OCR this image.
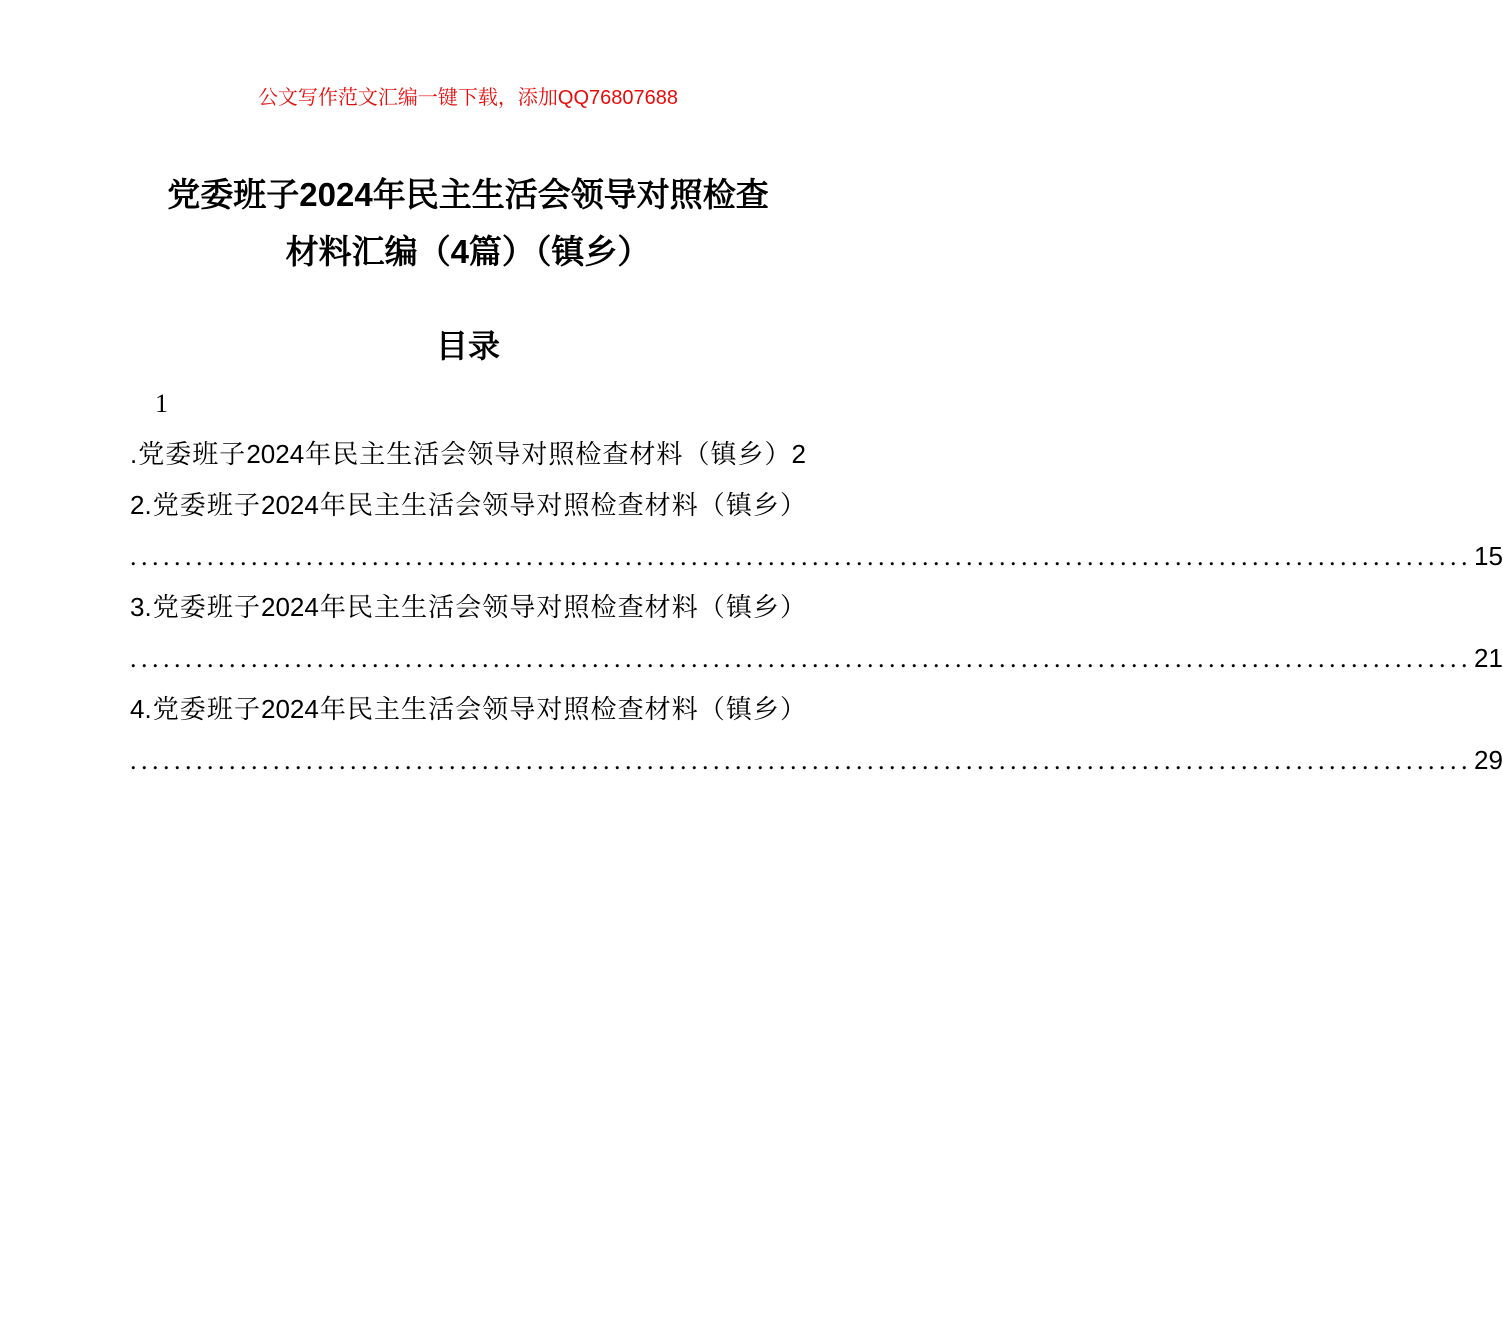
公文写作范文汇编一键下载，添加QQ76807688
党委班子2024年民主生活会领导对照检查
材料汇编（4篇）（镇乡）
目录
1
.党委班子2024年民主生活会领导对照检查材料（镇乡）2
2.党委班子2024年民主生活会领导对照检查材料（镇乡）
.......................................................................................................................... 15
3.党委班子2024年民主生活会领导对照检查材料（镇乡）
.......................................................................................................................... 21
4.党委班子2024年民主生活会领导对照检查材料（镇乡）
.......................................................................................................................... 29
